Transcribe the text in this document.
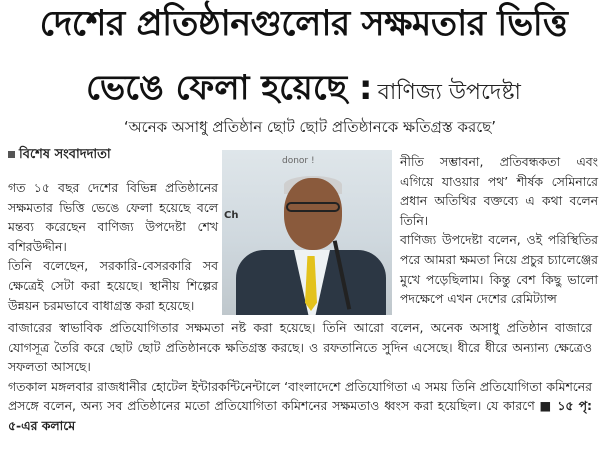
দেশের প্রতিষ্ঠানগুলোর সক্ষমতার ভিত্তি
ভেঙে ফেলা হয়েছে : বাণিজ্য উপদেষ্টা
‘অনেক অসাধু প্রতিষ্ঠান ছোট ছোট প্রতিষ্ঠানকে ক্ষতিগ্রস্ত করছে’
বিশেষ সংবাদদাতা	donor !
Ch

গত ১৫ বছর দেশের বিভিন্ন প্রতিষ্ঠানের সক্ষমতার ভিত্তি ভেঙে ফেলা হয়েছে বলে মন্তব্য করেছেন বাণিজ্য উপদেষ্টা শেখ বশিরউদ্দীন।

তিনি বলেছেন, সরকারি-বেসরকারি সব ক্ষেত্রেই সেটা করা হয়েছে। স্থানীয় শিল্পের উন্নয়ন চরমভাবে বাধাগ্রস্ত করা হয়েছে।

নীতি সম্ভাবনা, প্রতিবন্ধকতা এবং এগিয়ে যাওয়ার পথ’ শীর্ষক সেমিনারে প্রধান অতিথির বক্তব্যে এ কথা বলেন তিনি।

বাণিজ্য উপদেষ্টা বলেন, ওই পরিস্থিতির পরে আমরা ক্ষমতা নিয়ে প্রচুর চ্যালেঞ্জের মুখে পড়েছিলাম। কিন্তু বেশ কিছু ভালো পদক্ষেপে এখন দেশের রেমিট্যান্স

বাজারের স্বাভাবিক প্রতিযোগিতার সক্ষমতা নষ্ট করা হয়েছে। তিনি আরো বলেন, অনেক অসাধু প্রতিষ্ঠান বাজারে যোগসূত্র তৈরি করে ছোট ছোট প্রতিষ্ঠানকে ক্ষতিগ্রস্ত করছে। ও রফতানিতে সুদিন এসেছে। ধীরে ধীরে অন্যান্য ক্ষেত্রেও সফলতা আসছে।

গতকাল মঙ্গলবার রাজধানীর হোটেল ইন্টারকন্টিনেন্টালে ‘বাংলাদেশে প্রতিযোগিতা এ সময় তিনি প্রতিযোগিতা কমিশনের প্রসঙ্গে বলেন, অন্য সব প্রতিষ্ঠানের মতো প্রতিযোগিতা কমিশনের সক্ষমতাও ধ্বংস করা হয়েছিল। যে কারণে ■ ১৫ পৃ: ৫-এর কলামে
